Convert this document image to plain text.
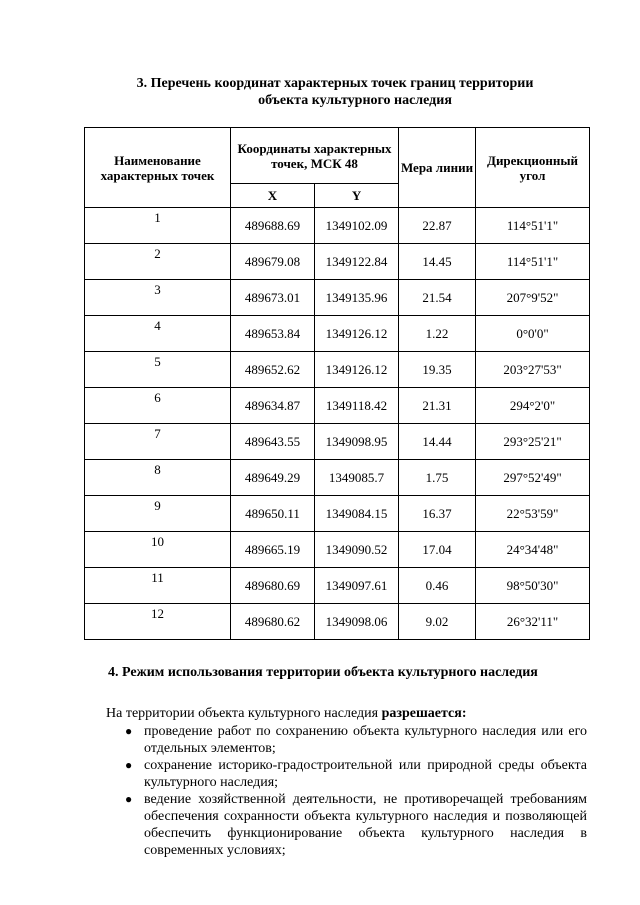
3. Перечень координат характерных точек границ территории
объекта культурного наследия
Наименование характерных точек	Координаты характерных точек, МСК 48		Мера линии	Дирекционный угол
	X	Y		
1	489688.69	1349102.09	22.87	114°51'1"
2	489679.08	1349122.84	14.45	114°51'1"
3	489673.01	1349135.96	21.54	207°9'52"
4	489653.84	1349126.12	1.22	0°0'0"
5	489652.62	1349126.12	19.35	203°27'53"
6	489634.87	1349118.42	21.31	294°2'0"
7	489643.55	1349098.95	14.44	293°25'21"
8	489649.29	1349085.7	1.75	297°52'49"
9	489650.11	1349084.15	16.37	22°53'59"
10	489665.19	1349090.52	17.04	24°34'48"
11	489680.69	1349097.61	0.46	98°50'30"
12	489680.62	1349098.06	9.02	26°32'11"
4. Режим использования территории объекта культурного наследия
На территории объекта культурного наследия разрешается:
● проведение работ по сохранению объекта культурного наследия или его отдельных элементов;
● сохранение историко-градостроительной или природной среды объекта культурного наследия;
● ведение хозяйственной деятельности, не противоречащей требованиям обеспечения сохранности объекта культурного наследия и позволяющей обеспечить функционирование объекта культурного наследия в современных условиях;
